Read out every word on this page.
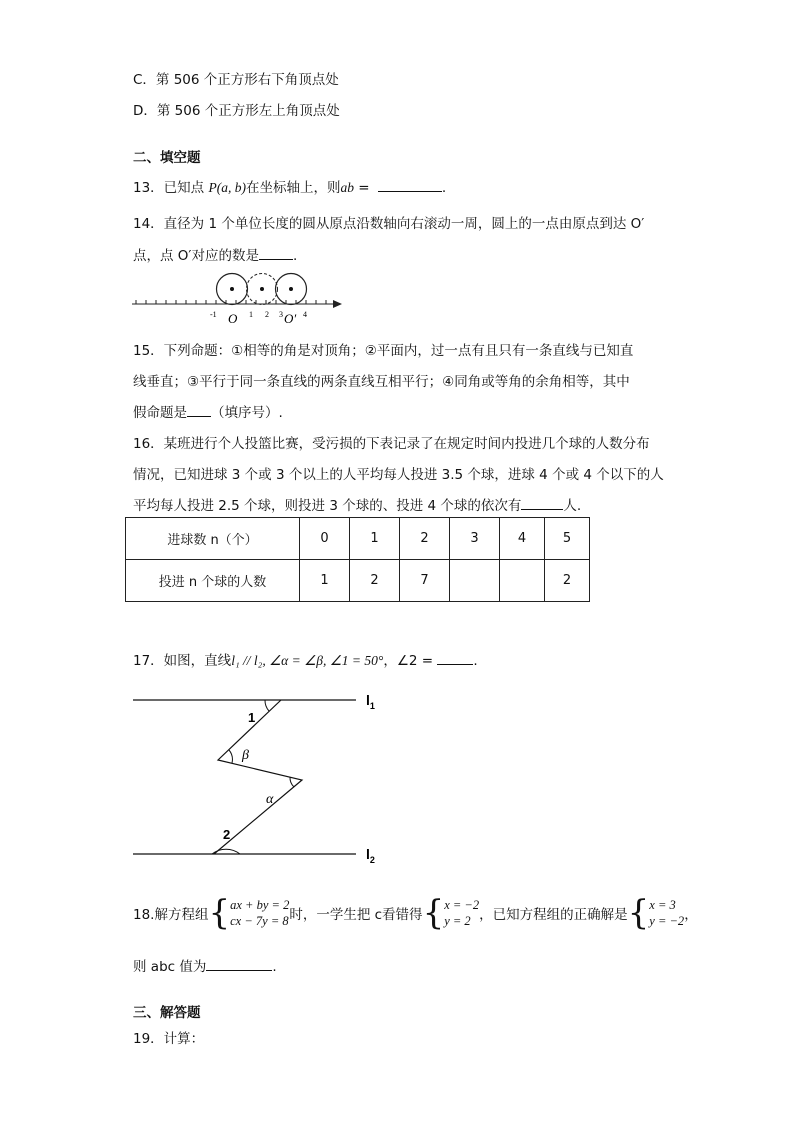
C．第 506 个正方形右下角顶点处
D．第 506 个正方形左上角顶点处
二、填空题
13．已知点 P(a, b)在坐标轴上，则ab =	.
14．直径为 1 个单位长度的圆从原点沿数轴向右滚动一周，圆上的一点由原点到达 O′
点，点 O′对应的数是	.
-1 O 1 2 3 O′ 4
15．下列命题：①相等的角是对顶角；②平面内，过一点有且只有一条直线与已知直
线垂直；③平行于同一条直线的两条直线互相平行；④同角或等角的余角相等，其中
假命题是 （填序号）.
16．某班进行个人投篮比赛，受污损的下表记录了在规定时间内投进几个球的人数分布
情况，已知进球 3 个或 3 个以上的人平均每人投进 3.5 个球，进球 4 个或 4 个以下的人
平均每人投进 2.5 个球，则投进 3 个球的、投进 4 个球的依次有	人.
进球数 n（个）	0	1	2	3	4	5
投进 n 个球的人数	1	2	7			2
17．如图，直线l₁ // l₂, ∠α = ∠β, ∠1 = 50°，∠2 =	.
1
β
α
2
$l_1$
$l_2$
18.解方程组{ax + by = 2
cx − 7y = 8时，一学生把 c看错得{x = −2
y = 2 ，已知方程组的正确解是{x = 3
y = −2，
则 abc 值为	.
三、解答题
19．计算：
